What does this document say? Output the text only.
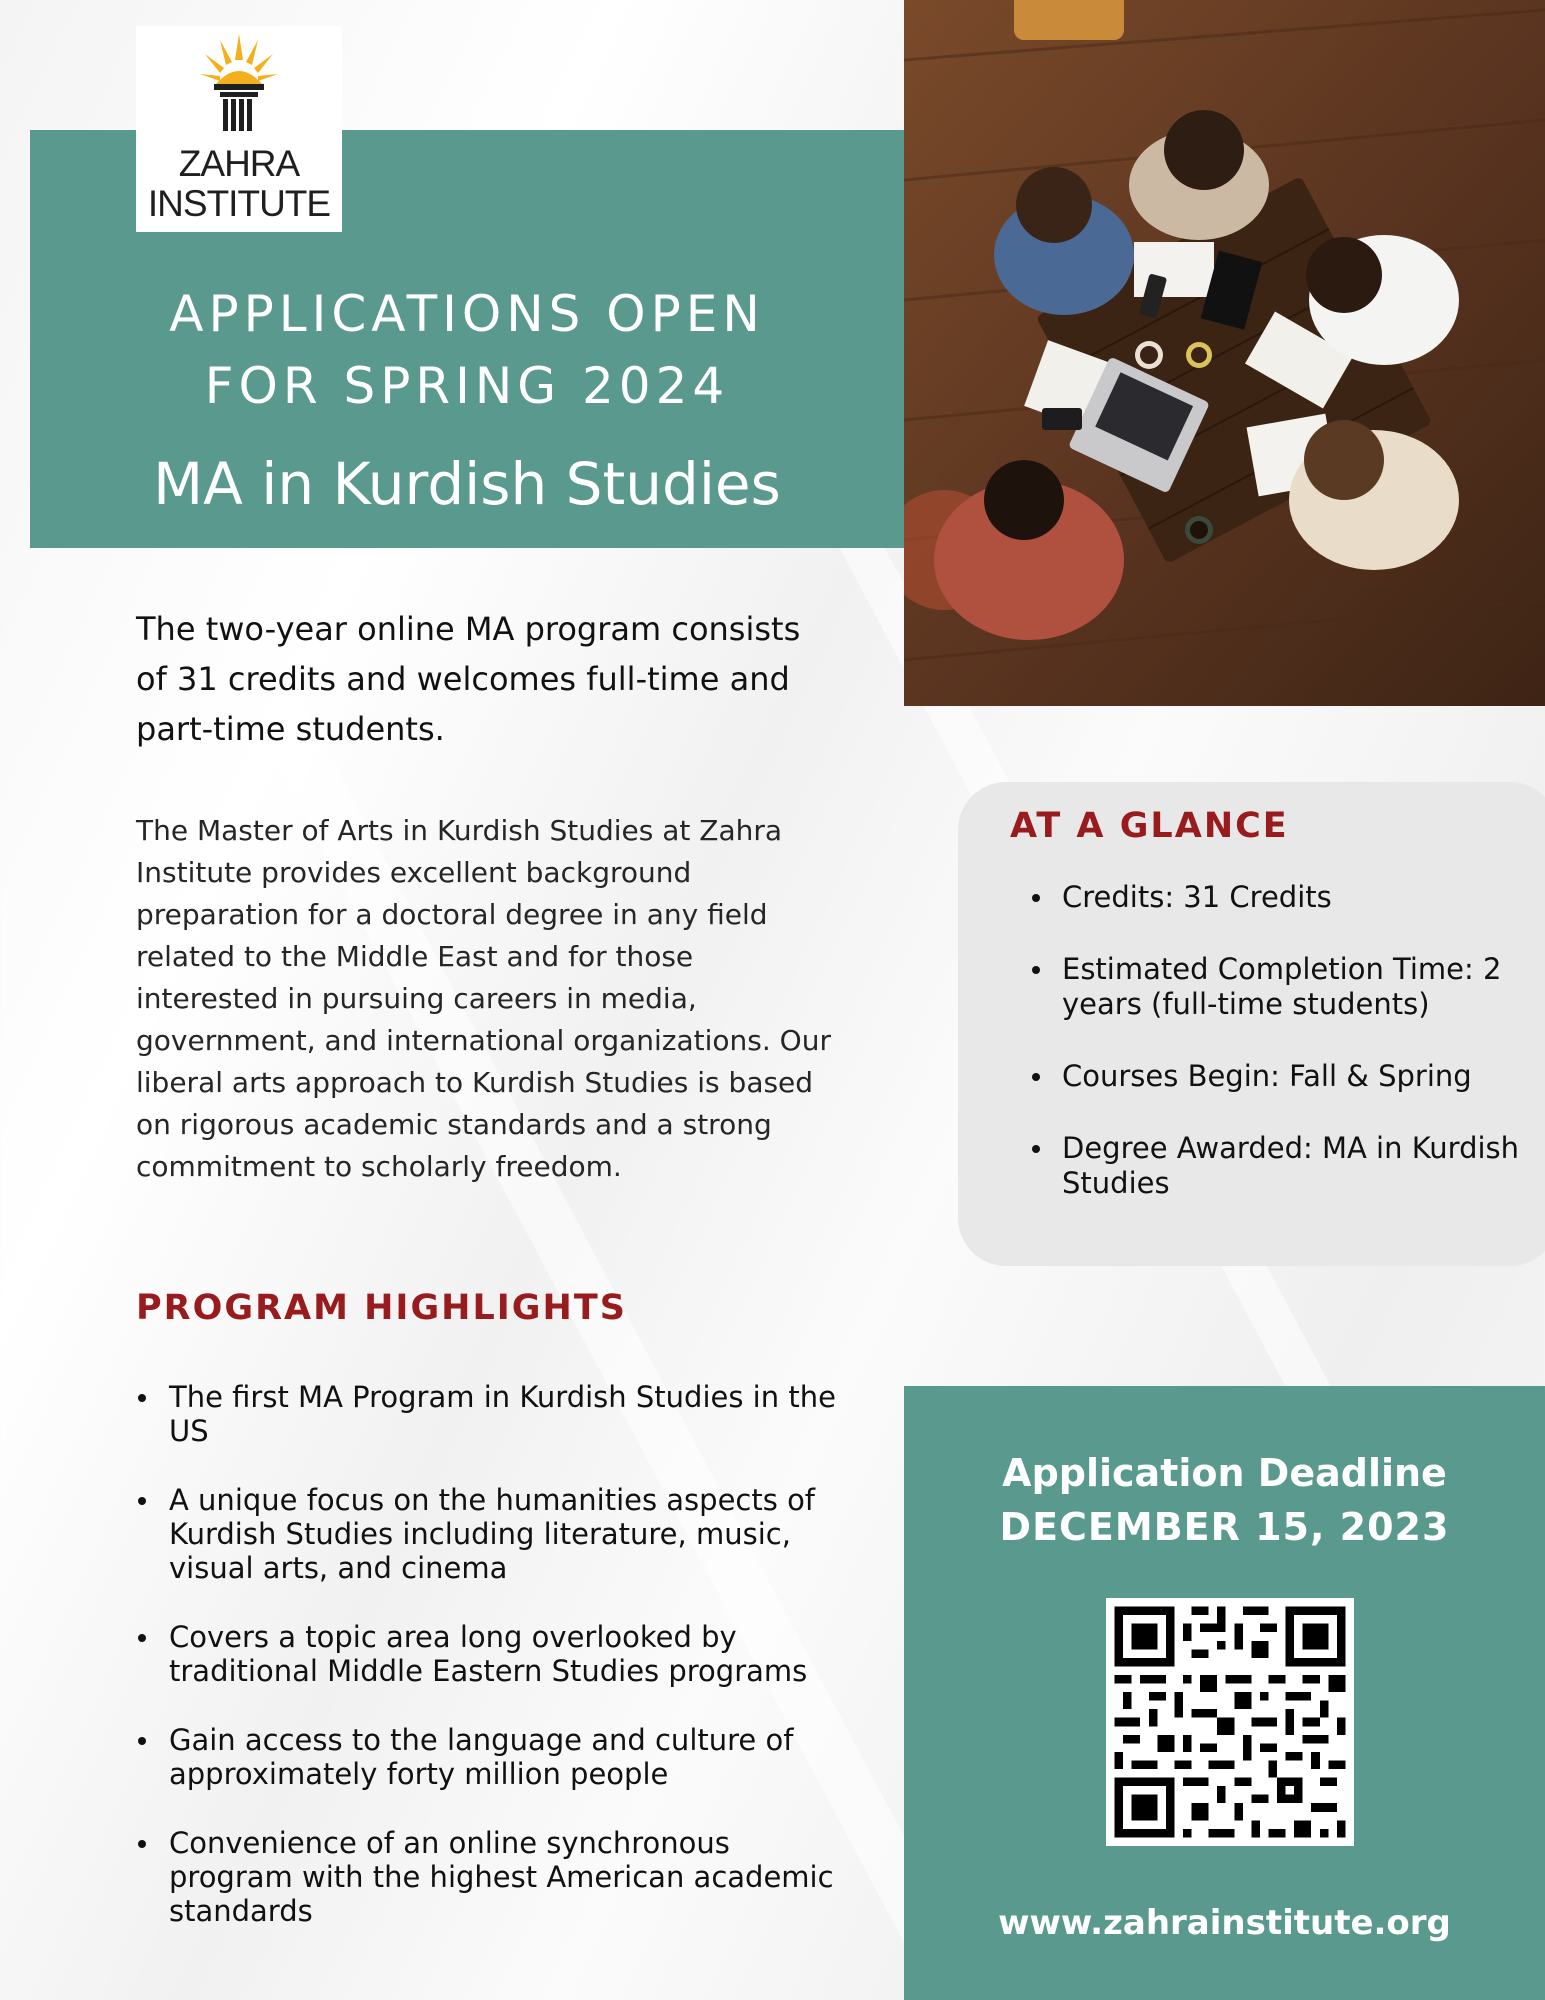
ZAHRA
INSTITUTE
APPLICATIONS OPEN
FOR SPRING 2024
MA in Kurdish Studies
The two-year online MA program consists of 31 credits and welcomes full-time and part-time students.
The Master of Arts in Kurdish Studies at Zahra Institute provides excellent background preparation for a doctoral degree in any field related to the Middle East and for those interested in pursuing careers in media, government, and international organizations. Our liberal arts approach to Kurdish Studies is based on rigorous academic standards and a strong commitment to scholarly freedom.
PROGRAM HIGHLIGHTS
The first MA Program in Kurdish Studies in the US
A unique focus on the humanities aspects of Kurdish Studies including literature, music, visual arts, and cinema
Covers a topic area long overlooked by traditional Middle Eastern Studies programs
Gain access to the language and culture of approximately forty million people
Convenience of an online synchronous program with the highest American academic standards
AT A GLANCE
Credits: 31 Credits
Estimated Completion Time: 2 years (full-time students)
Courses Begin: Fall & Spring
Degree Awarded: MA in Kurdish Studies
Application Deadline
DECEMBER 15, 2023
www.zahrainstitute.org
